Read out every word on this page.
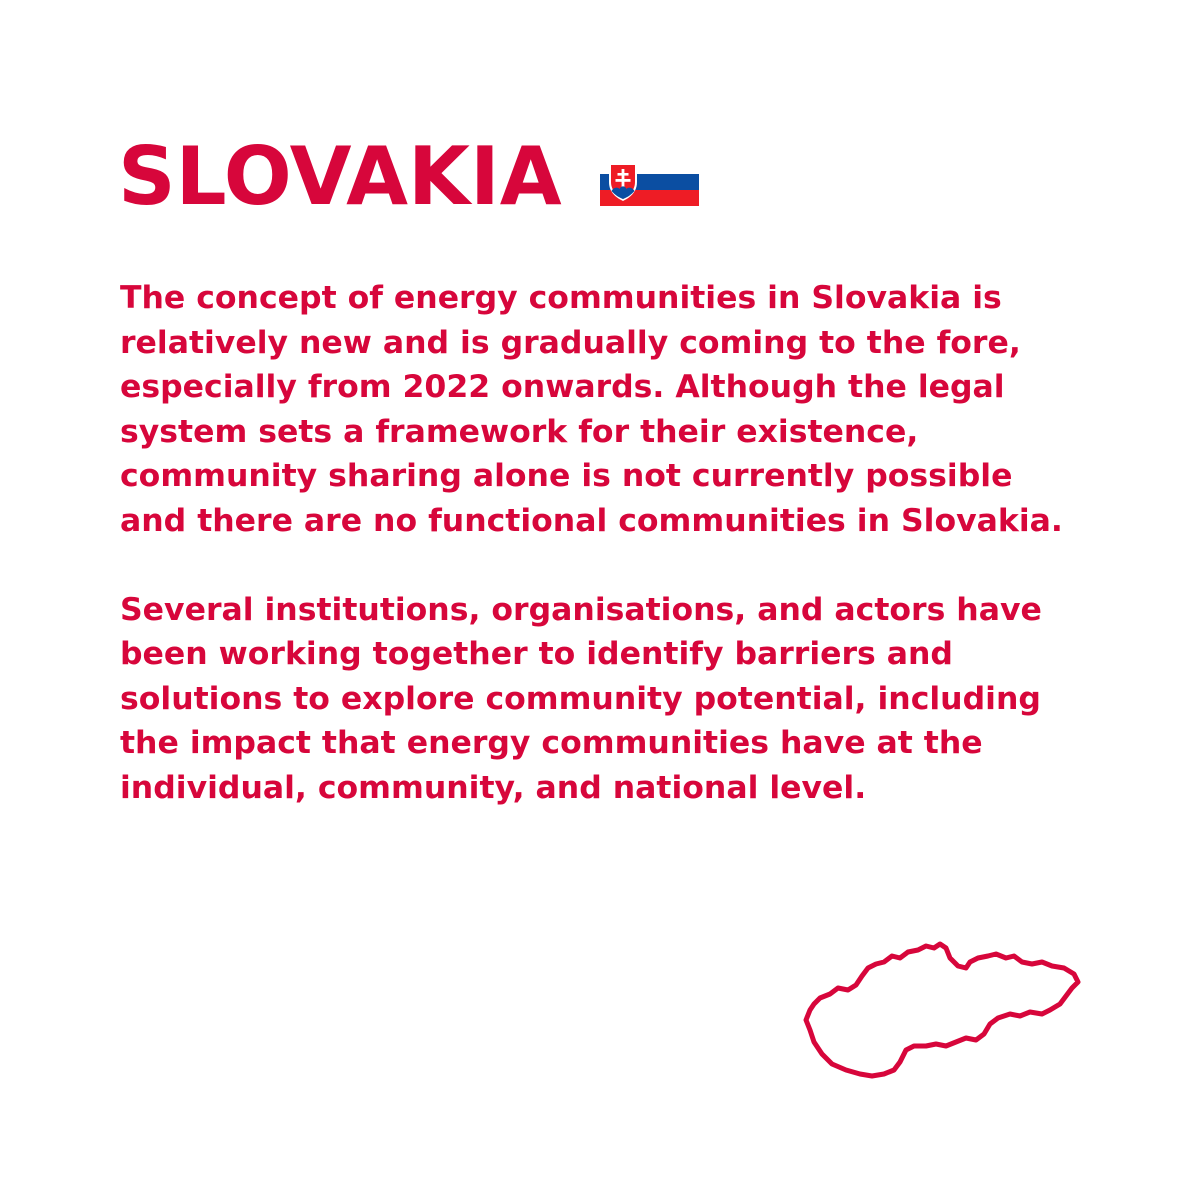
SLOVAKIA

The concept of energy communities in Slovakia is relatively new and is gradually coming to the fore, especially from 2022 onwards. Although the legal system sets a framework for their existence, community sharing alone is not currently possible and there are no functional communities in Slovakia.

Several institutions, organisations, and actors have been working together to identify barriers and solutions to explore community potential, including the impact that energy communities have at the individual, community, and national level.
